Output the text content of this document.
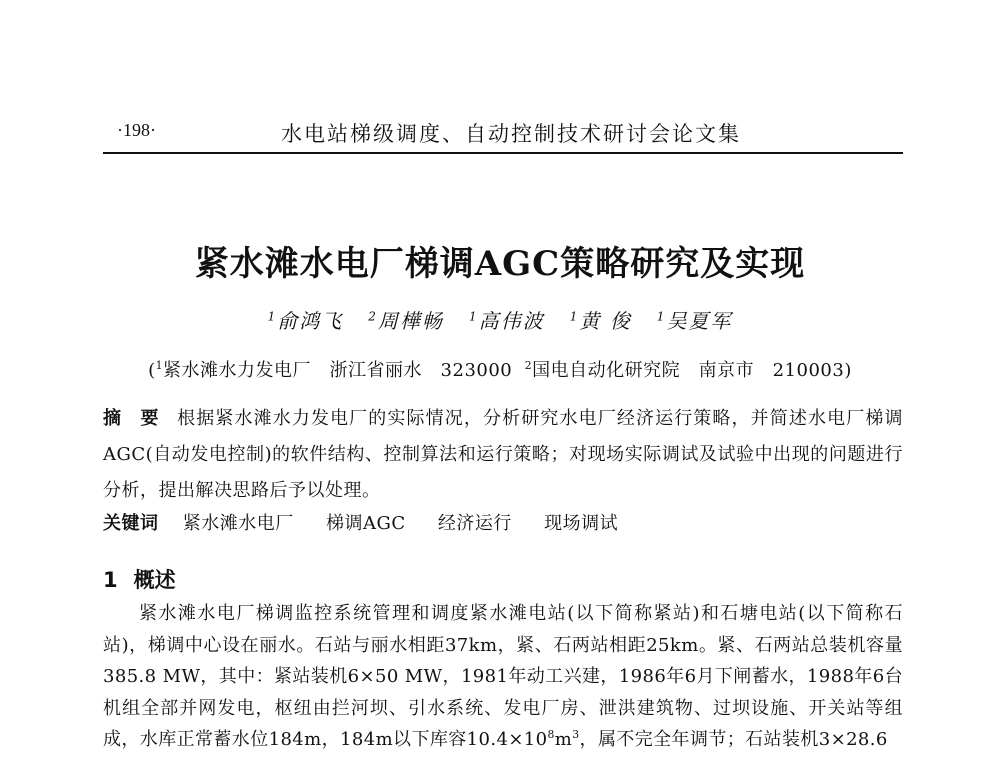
·198·	水电站梯级调度、自动控制技术研讨会论文集
紧水滩水电厂梯调AGC策略研究及实现
$^1$俞鸿飞 $^2$周樺畅 $^1$高伟波 $^1$黄 俊 $^1$吴夏军
($^1$紧水滩水力发电厂　浙江省丽水　323000 $^2$国电自动化研究院　南京市　210003)
摘 要 根据紧水滩水力发电厂的实际情况，分析研究水电厂经济运行策略，并简述水电厂梯调AGC(自动发电控制)的软件结构、控制算法和运行策略；对现场实际调试及试验中出现的问题进行分析，提出解决思路后予以处理。
关键词 紧水滩水电厂 梯调AGC 经济运行 现场调试
1 概述
紧水滩水电厂梯调监控系统管理和调度紧水滩电站(以下简称紧站)和石塘电站(以下简称石站)，梯调中心设在丽水。石站与丽水相距37km，紧、石两站相距25km。紧、石两站总装机容量385.8 MW，其中：紧站装机6×50 MW，1981年动工兴建，1986年6月下闸蓄水，1988年6台机组全部并网发电，枢纽由拦河坝、引水系统、发电厂房、泄洪建筑物、过坝设施、开关站等组成，水库正常蓄水位184m，184m以下库容$10.4\times 10^8m^3$，属不完全年调节；石站装机3×28.6
